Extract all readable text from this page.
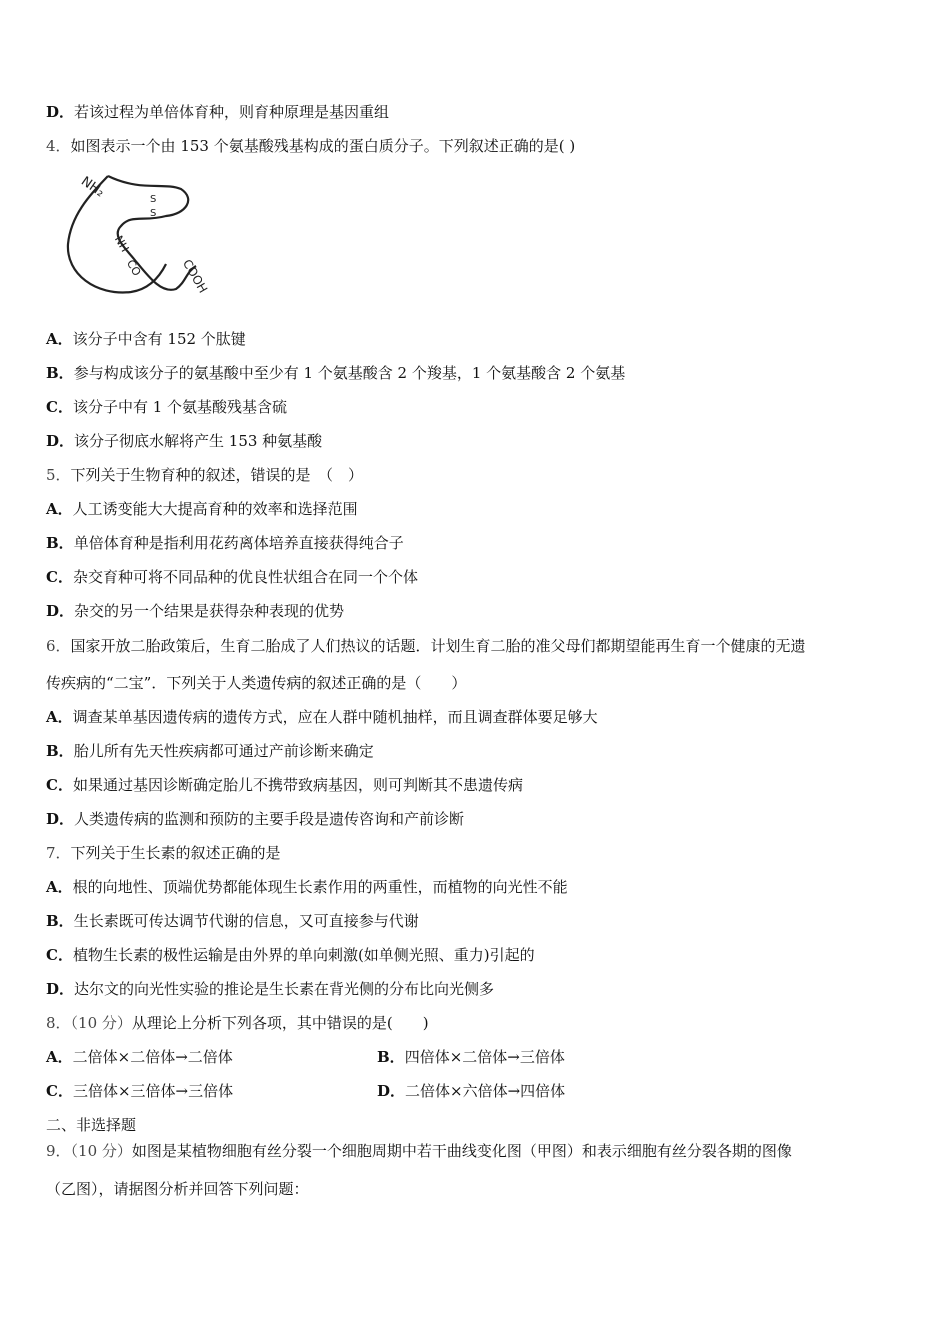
D．若该过程为单倍体育种，则育种原理是基因重组
4．如图表示一个由 153 个氨基酸残基构成的蛋白质分子。下列叙述正确的是( )
NH₂	S
S
NH
CO	COOH
A．该分子中含有 152 个肽键
B．参与构成该分子的氨基酸中至少有 1 个氨基酸含 2 个羧基，1 个氨基酸含 2 个氨基
C．该分子中有 1 个氨基酸残基含硫
D．该分子彻底水解将产生 153 种氨基酸
5．下列关于生物育种的叙述，错误的是　（　）
A．人工诱变能大大提高育种的效率和选择范围
B．单倍体育种是指利用花药离体培养直接获得纯合子
C．杂交育种可将不同品种的优良性状组合在同一个个体
D．杂交的另一个结果是获得杂种表现的优势
6．国家开放二胎政策后，生育二胎成了人们热议的话题．计划生育二胎的准父母们都期望能再生育一个健康的无遗
传疾病的“二宝”．下列关于人类遗传病的叙述正确的是（　　）
A．调查某单基因遗传病的遗传方式，应在人群中随机抽样，而且调查群体要足够大
B．胎儿所有先天性疾病都可通过产前诊断来确定
C．如果通过基因诊断确定胎儿不携带致病基因，则可判断其不患遗传病
D．人类遗传病的监测和预防的主要手段是遗传咨询和产前诊断
7．下列关于生长素的叙述正确的是
A．根的向地性、顶端优势都能体现生长素作用的两重性，而植物的向光性不能
B．生长素既可传达调节代谢的信息，又可直接参与代谢
C．植物生长素的极性运输是由外界的单向刺激(如单侧光照、重力)引起的
D．达尔文的向光性实验的推论是生长素在背光侧的分布比向光侧多
8．（10 分）从理论上分析下列各项，其中错误的是(　　)
A．二倍体×二倍体→二倍体	B．四倍体×二倍体→三倍体
C．三倍体×三倍体→三倍体	D．二倍体×六倍体→四倍体
二、非选择题
9．（10 分）如图是某植物细胞有丝分裂一个细胞周期中若干曲线变化图（甲图）和表示细胞有丝分裂各期的图像
（乙图），请据图分析并回答下列问题：
